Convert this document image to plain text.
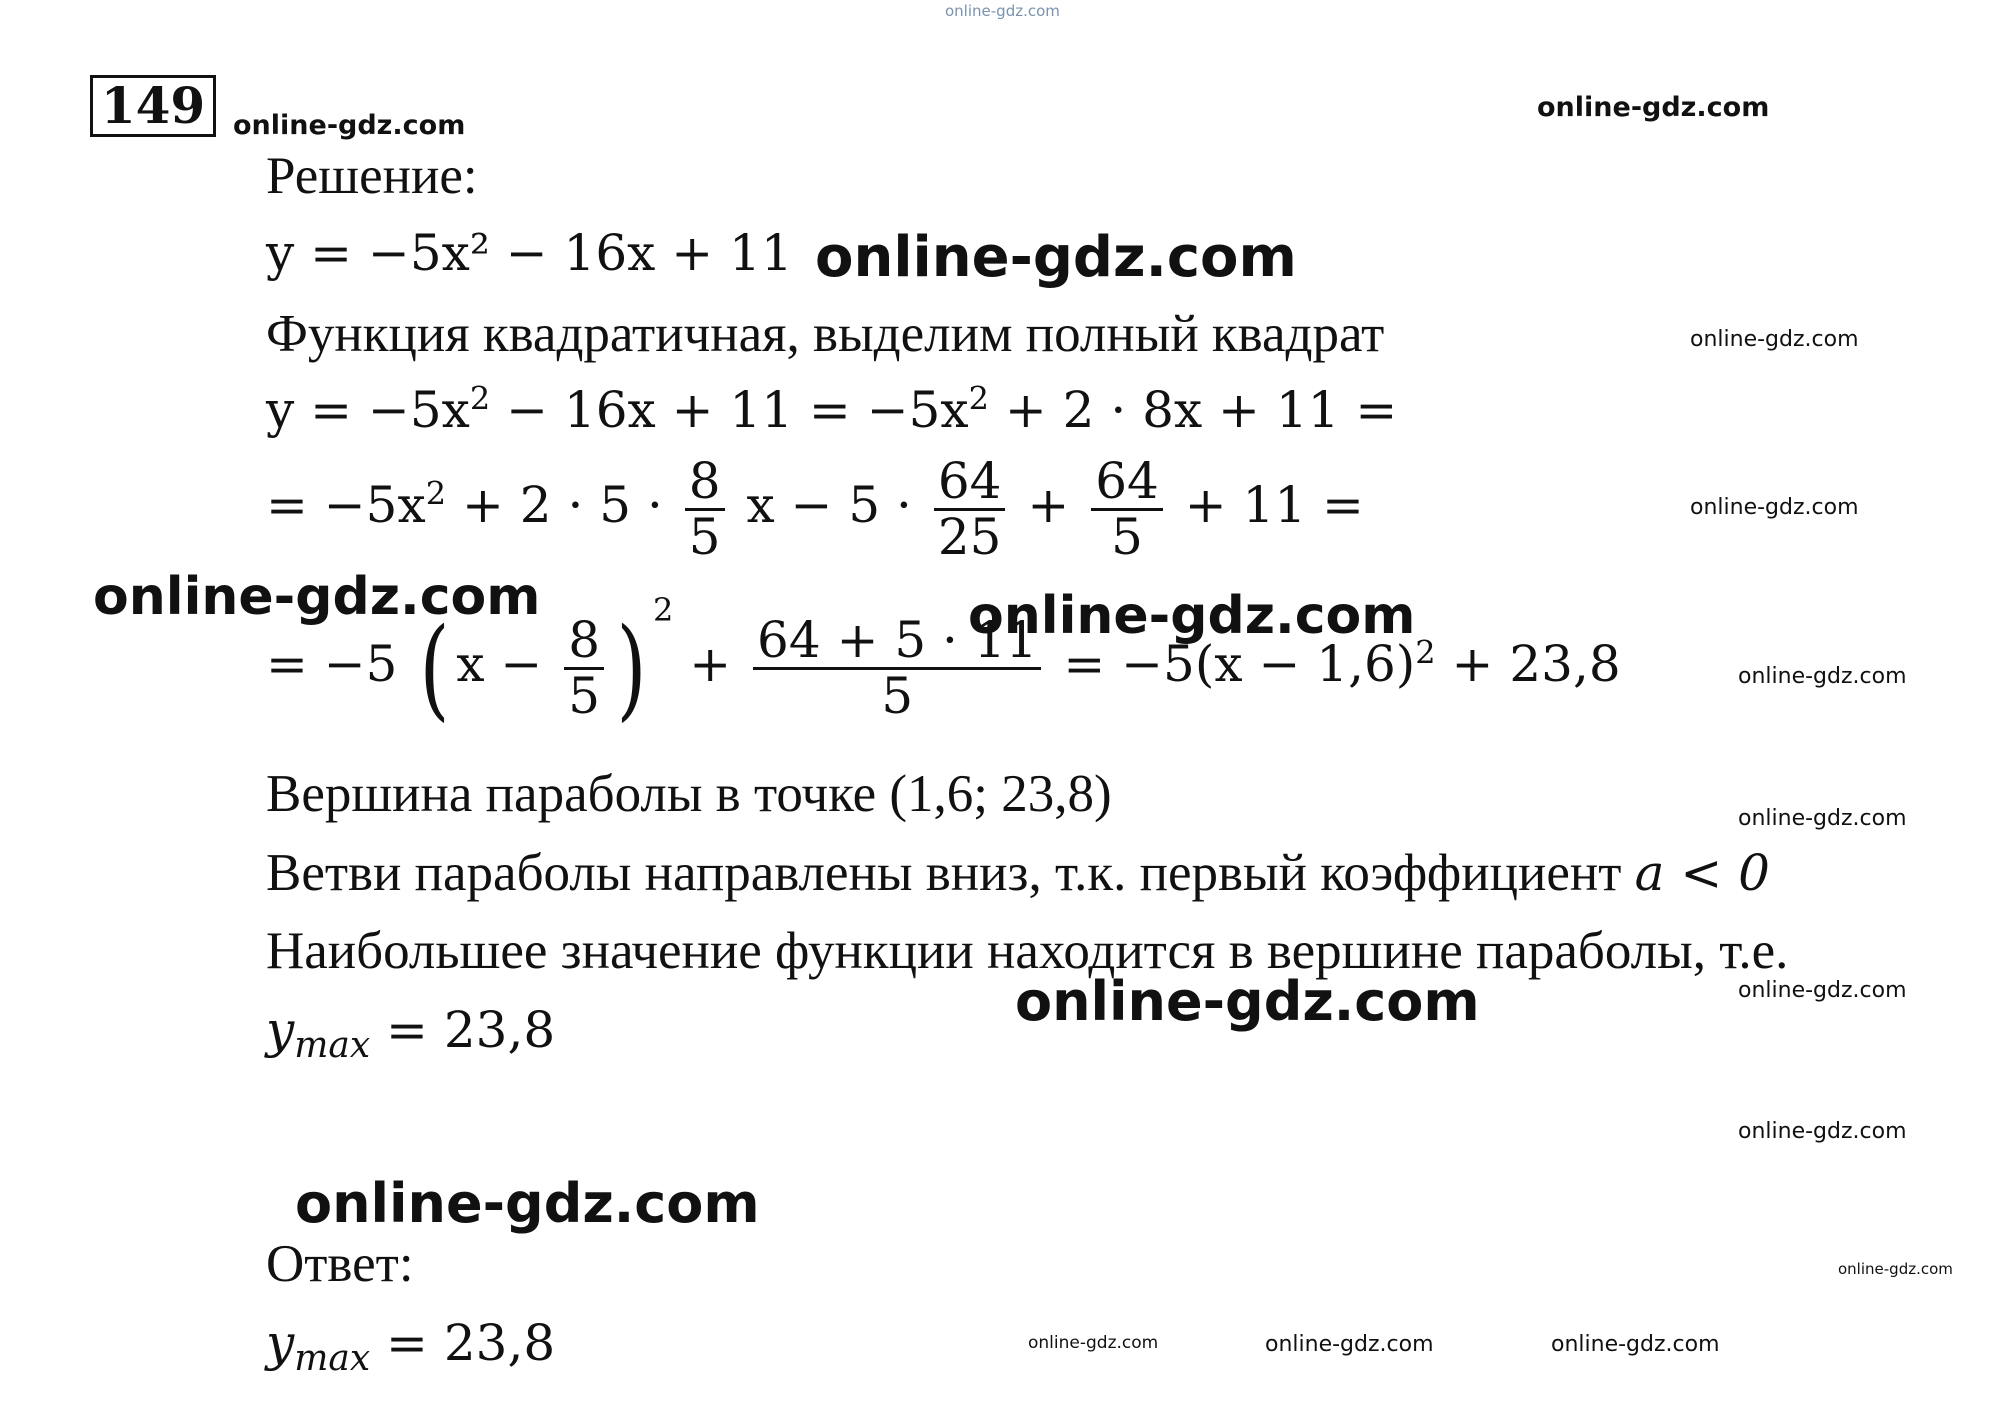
online-gdz.com
149	online-gdz.com
online-gdz.com
online-gdz.com
online-gdz.com
online-gdz.com
online-gdz.com	online-gdz.com
online-gdz.com
online-gdz.com
online-gdz.com	online-gdz.com
online-gdz.com
online-gdz.com
online-gdz.com
online-gdz.com	online-gdz.com	online-gdz.com
Решение:
y = −5x² − 16x + 11
Функция квадратичная, выделим полный квадрат
$y = -5x^2 - 16x + 11 = -5x^2 + 2 \cdot 8x + 11$ =
= $-5x^2 + 2 \cdot 5 \cdot \frac{8}{5}$ $x - 5 \cdot \frac{64}{25} + \frac{64}{5} + 11$ =
= −5 ( $x - \frac{8}{5}$ ) $^2 + \frac{64 + 5 \cdot 11}{5} = -5(x - 1,6)^2 + 23,8$
Вершина параболы в точке (1,6; 23,8)
Ветви параболы направлены вниз, т.к. первый коэффициент a < 0
Наибольшее значение функции находится в вершине параболы, т.е.
$y_{max} = 23,8$
Ответ:
$y_{max} = 23,8$
